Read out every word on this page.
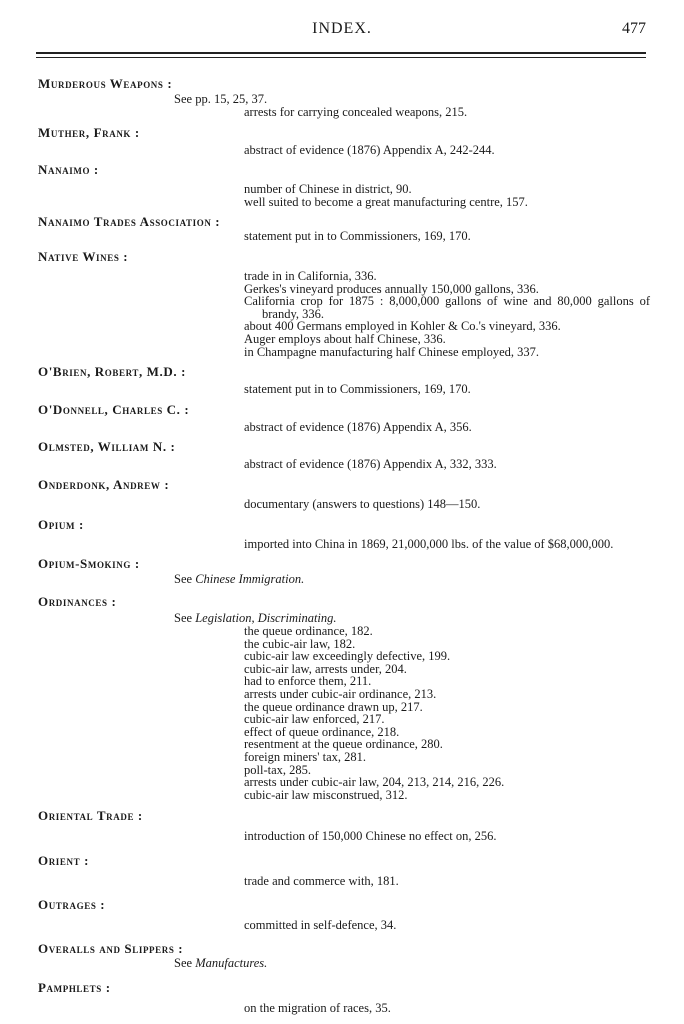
INDEX.	477
Murderous Weapons :
See pp. 15, 25, 37.
arrests for carrying concealed weapons, 215.
Muther, Frank :
abstract of evidence (1876) Appendix A, 242-244.
Nanaimo :
number of Chinese in district, 90.
well suited to become a great manufacturing centre, 157.
Nanaimo Trades Association :
statement put in to Commissioners, 169, 170.
Native Wines :
trade in in California, 336.
Gerkes's vineyard produces annually 150,000 gallons, 336.
California crop for 1875 : 8,000,000 gallons of wine and 80,000 gallons of brandy, 336.
about 400 Germans employed in Kohler & Co.'s vineyard, 336.
Auger employs about half Chinese, 336.
in Champagne manufacturing half Chinese employed, 337.
O'Brien, Robert, M.D. :
statement put in to Commissioners, 169, 170.
O'Donnell, Charles C. :
abstract of evidence (1876) Appendix A, 356.
Olmsted, William N. :
abstract of evidence (1876) Appendix A, 332, 333.
Onderdonk, Andrew :
documentary (answers to questions) 148—150.
Opium :
imported into China in 1869, 21,000,000 lbs. of the value of $68,000,000.
Opium-Smoking :
See Chinese Immigration.
Ordinances :
See Legislation, Discriminating.
the queue ordinance, 182.
the cubic-air law, 182.
cubic-air law exceedingly defective, 199.
cubic-air law, arrests under, 204.
had to enforce them, 211.
arrests under cubic-air ordinance, 213.
the queue ordinance drawn up, 217.
cubic-air law enforced, 217.
effect of queue ordinance, 218.
resentment at the queue ordinance, 280.
foreign miners' tax, 281.
poll-tax, 285.
arrests under cubic-air law, 204, 213, 214, 216, 226.
cubic-air law misconstrued, 312.
Oriental Trade :
introduction of 150,000 Chinese no effect on, 256.
Orient :
trade and commerce with, 181.
Outrages :
committed in self-defence, 34.
Overalls and Slippers :
See Manufactures.
Pamphlets :
on the migration of races, 35.
